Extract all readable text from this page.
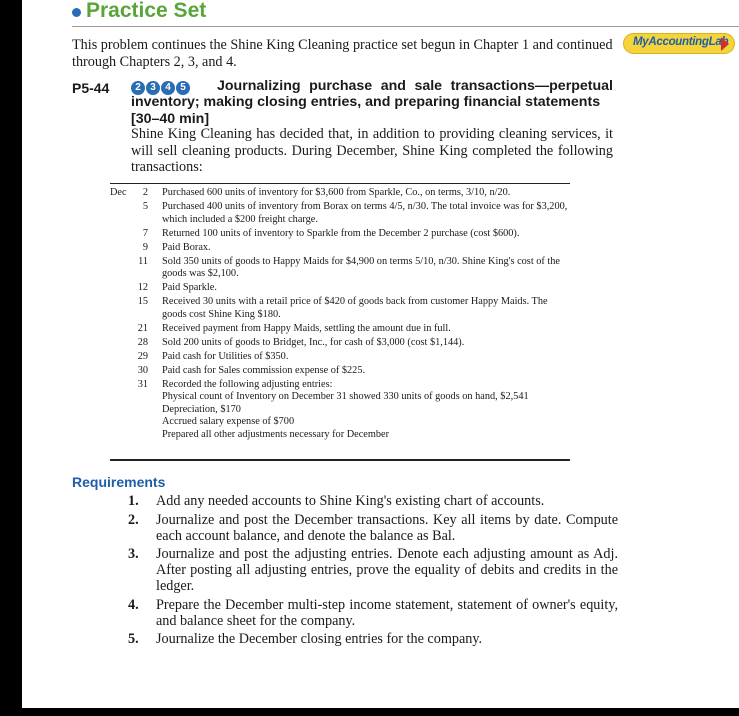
Practice Set
This problem continues the Shine King Cleaning practice set begun in Chapter 1 and continued through Chapters 2, 3, and 4.
MyAccountingLab
P5-44	2 3 4 5	Journalizing purchase and sale transactions—perpetual inventory; making closing entries, and preparing financial statements
[30–40 min]
Shine King Cleaning has decided that, in addition to providing cleaning services, it will sell cleaning products. During December, Shine King completed the following transactions:
Dec	2	Purchased 600 units of inventory for $3,600 from Sparkle, Co., on terms, 3/10, n/20.
5	Purchased 400 units of inventory from Borax on terms 4/5, n/30. The total invoice was for $3,200, which included a $200 freight charge.
7	Returned 100 units of inventory to Sparkle from the December 2 purchase (cost $600).
9	Paid Borax.
11	Sold 350 units of goods to Happy Maids for $4,900 on terms 5/10, n/30. Shine King's cost of the goods was $2,100.
12	Paid Sparkle.
15	Received 30 units with a retail price of $420 of goods back from customer Happy Maids. The goods cost Shine King $180.
21	Received payment from Happy Maids, settling the amount due in full.
28	Sold 200 units of goods to Bridget, Inc., for cash of $3,000 (cost $1,144).
29	Paid cash for Utilities of $350.
30	Paid cash for Sales commission expense of $225.
31	Recorded the following adjusting entries:
Physical count of Inventory on December 31 showed 330 units of goods on hand, $2,541
Depreciation, $170
Accrued salary expense of $700
Prepared all other adjustments necessary for December
Requirements
1.	Add any needed accounts to Shine King's existing chart of accounts.
2.	Journalize and post the December transactions. Key all items by date. Compute each account balance, and denote the balance as Bal.
3.	Journalize and post the adjusting entries. Denote each adjusting amount as Adj. After posting all adjusting entries, prove the equality of debits and credits in the ledger.
4.	Prepare the December multi-step income statement, statement of owner's equity, and balance sheet for the company.
5.	Journalize the December closing entries for the company.
